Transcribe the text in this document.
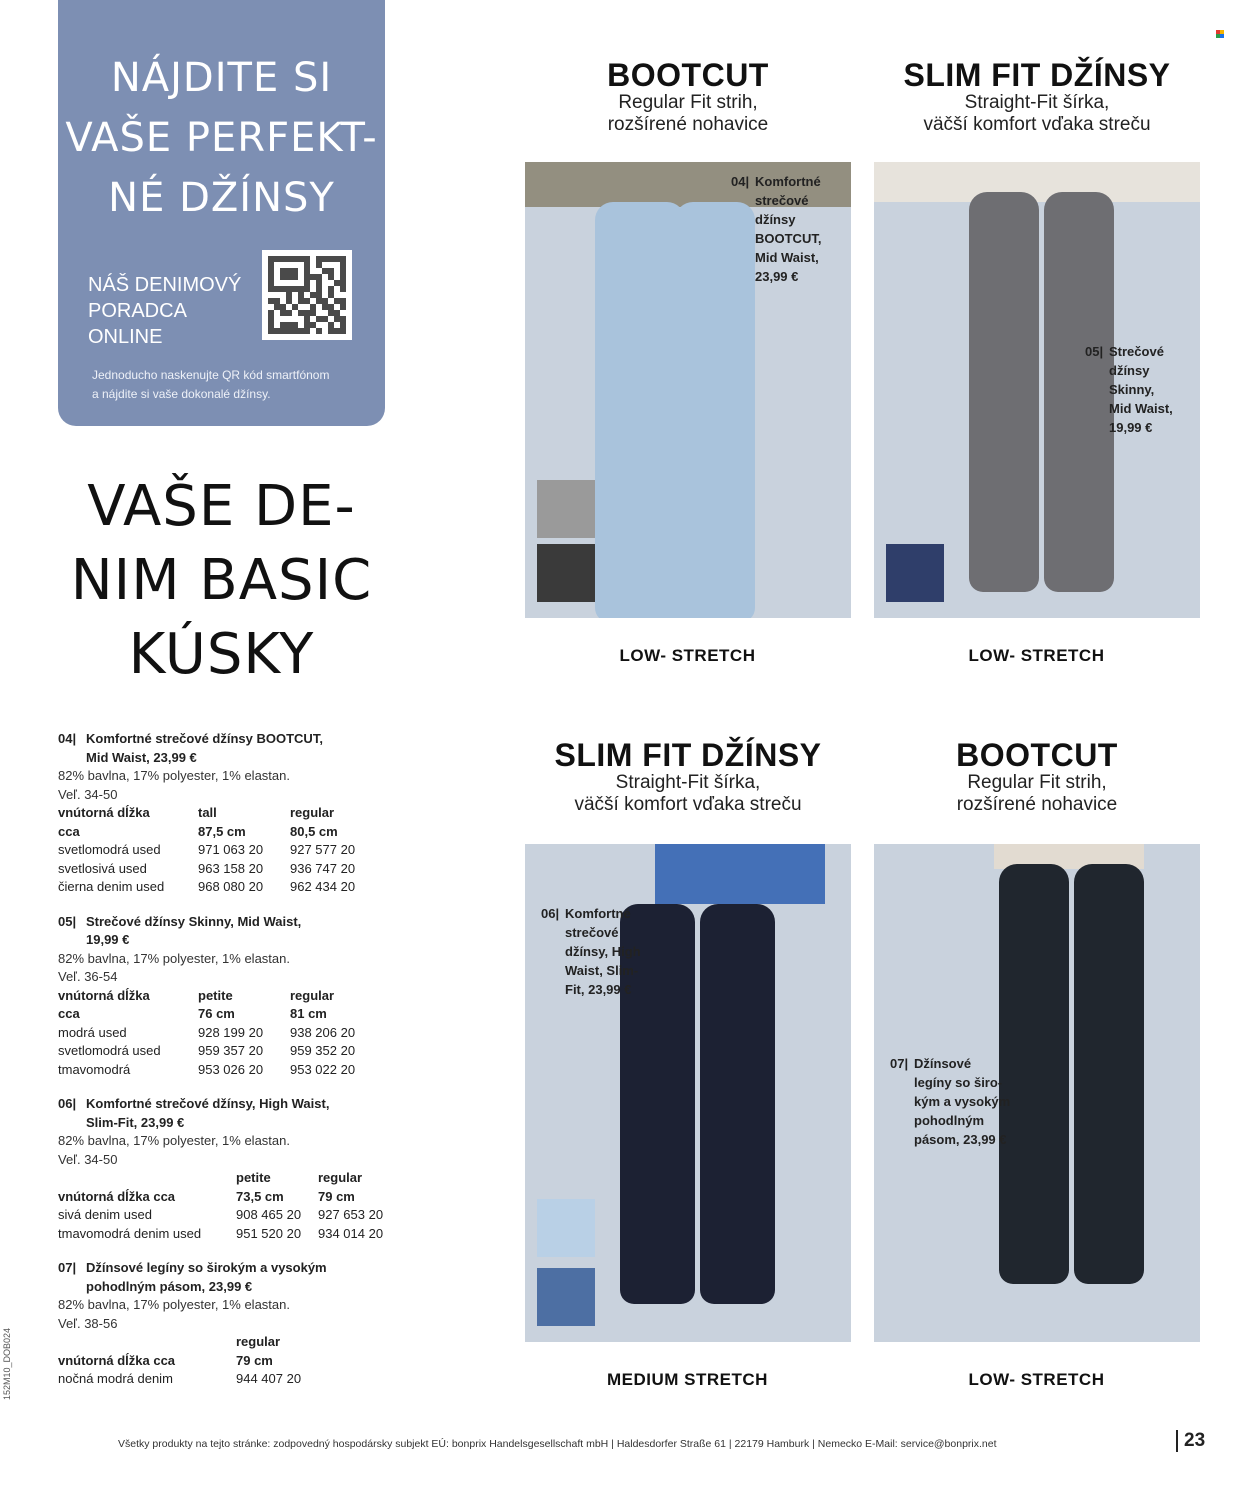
NÁJDITE SI
VAŠE PERFEKT-
NÉ DŽÍNSY
NÁŠ DENIMOVÝ
PORADCA
ONLINE
Jednoducho naskenujte QR kód smartfónom
a nájdite si vaše dokonalé džínsy.
VAŠE DE-
NIM BASIC
KÚSKY
04| Komfortné strečové džínsy BOOTCUT,
Mid Waist, 23,99 €
82% bavlna, 17% polyester, 1% elastan.
Veľ. 34-50
vnútorná dĺžka	tall	regular
cca	87,5 cm	80,5 cm
svetlomodrá used	971 063 20	927 577 20
svetlosivá used	963 158 20	936 747 20
čierna denim used	968 080 20	962 434 20
05| Strečové džínsy Skinny, Mid Waist,
19,99 €
82% bavlna, 17% polyester, 1% elastan.
Veľ. 36-54
vnútorná dĺžka	petite	regular
cca	76 cm	81 cm
modrá used	928 199 20	938 206 20
svetlomodrá used	959 357 20	959 352 20
tmavomodrá	953 026 20	953 022 20
06| Komfortné strečové džínsy, High Waist,
Slim-Fit, 23,99 €
82% bavlna, 17% polyester, 1% elastan.
Veľ. 34-50
petite	regular
vnútorná dĺžka cca	73,5 cm	79 cm
sivá denim used	908 465 20	927 653 20
tmavomodrá denim used	951 520 20	934 014 20
07| Džínsové legíny so širokým a vysokým
pohodlným pásom, 23,99 €
82% bavlna, 17% polyester, 1% elastan.
Veľ. 38-56
regular
vnútorná dĺžka cca	79 cm
nočná modrá denim	944 407 20
BOOTCUT
Regular Fit strih,
rozšírené nohavice
SLIM FIT DŽÍNSY
Straight-Fit šírka,
väčší komfort vďaka streču
SLIM FIT DŽÍNSY
Straight-Fit šírka,
väčší komfort vďaka streču
BOOTCUT
Regular Fit strih,
rozšírené nohavice
04| Komfortné
strečové
džínsy
BOOTCUT,
Mid Waist,
23,99 €
05| Strečové
džínsy
Skinny,
Mid Waist,
19,99 €
06| Komfortné
strečové
džínsy, High
Waist, Slim-
Fit, 23,99 €
07| Džínsové
legíny so širo-
kým a vysokým
pohodlným
pásom, 23,99 €
LOW- STRETCH	LOW- STRETCH
MEDIUM STRETCH	LOW- STRETCH
Všetky produkty na tejto stránke: zodpovedný hospodársky subjekt EÚ: bonprix Handelsgesellschaft mbH | Haldesdorfer Straße 61 | 22179 Hamburk | Nemecko E-Mail: service@bonprix.net	23
152M10_DOB024
